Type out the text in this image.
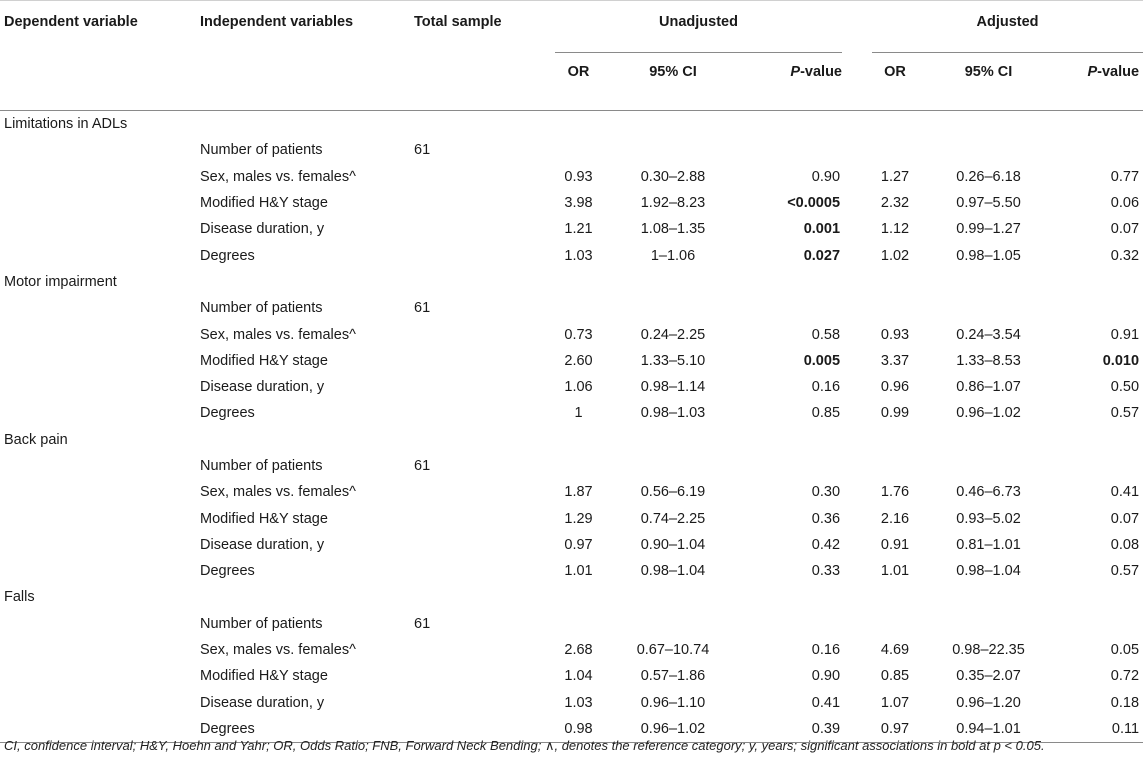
Dependent variable	Independent variables	Total sample	Unadjusted				Adjusted		

			OR	95% CI	P-value		OR	95% CI	P-value
Limitations in ADLs									
	Number of patients	61							
	Sex, males vs. females^		0.93	0.30–2.88	0.90		1.27	0.26–6.18	0.77
	Modified H&Y stage		3.98	1.92–8.23	<0.0005		2.32	0.97–5.50	0.06
	Disease duration, y		1.21	1.08–1.35	0.001		1.12	0.99–1.27	0.07
	Degrees		1.03	1–1.06	0.027		1.02	0.98–1.05	0.32
Motor impairment									
	Number of patients	61							
	Sex, males vs. females^		0.73	0.24–2.25	0.58		0.93	0.24–3.54	0.91
	Modified H&Y stage		2.60	1.33–5.10	0.005		3.37	1.33–8.53	0.010
	Disease duration, y		1.06	0.98–1.14	0.16		0.96	0.86–1.07	0.50
	Degrees		1	0.98–1.03	0.85		0.99	0.96–1.02	0.57
Back pain									
	Number of patients	61							
	Sex, males vs. females^		1.87	0.56–6.19	0.30		1.76	0.46–6.73	0.41
	Modified H&Y stage		1.29	0.74–2.25	0.36		2.16	0.93–5.02	0.07
	Disease duration, y		0.97	0.90–1.04	0.42		0.91	0.81–1.01	0.08
	Degrees		1.01	0.98–1.04	0.33		1.01	0.98–1.04	0.57
Falls									
	Number of patients	61							
	Sex, males vs. females^		2.68	0.67–10.74	0.16		4.69	0.98–22.35	0.05
	Modified H&Y stage		1.04	0.57–1.86	0.90		0.85	0.35–2.07	0.72
	Disease duration, y		1.03	0.96–1.10	0.41		1.07	0.96–1.20	0.18
	Degrees		0.98	0.96–1.02	0.39		0.97	0.94–1.01	0.11
CI, confidence interval; H&Y, Hoehn and Yahr; OR, Odds Ratio; FNB, Forward Neck Bending; ∧, denotes the reference category; y, years; significant associations in bold at p < 0.05.
